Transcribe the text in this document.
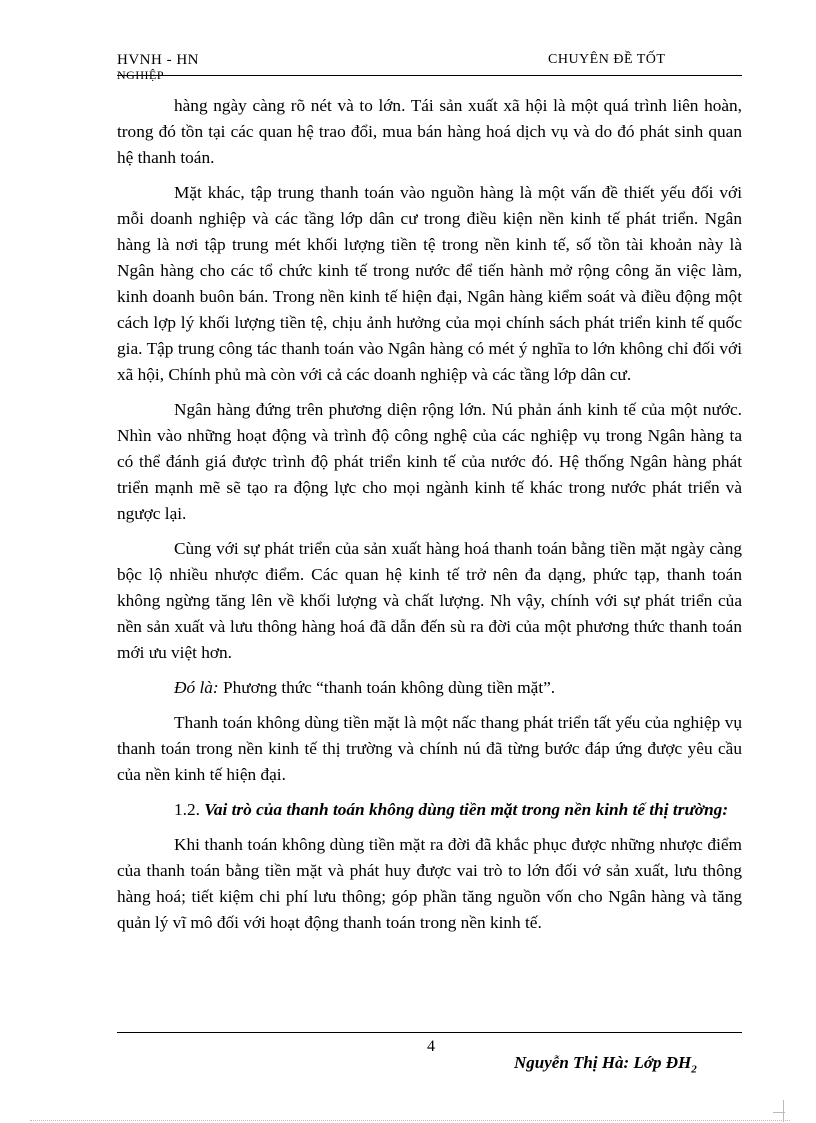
HVNH - HN
NGHIỆP
CHUYÊN ĐỀ TỐT

hàng ngày càng rõ nét và to lớn. Tái sản xuất xã hội là một quá trình liên hoàn, trong đó tồn tại các quan hệ trao đổi, mua bán hàng hoá dịch vụ và do đó phát sinh quan hệ thanh toán.

Mặt khác, tập trung thanh toán vào nguồn hàng là một vấn đề thiết yếu đối với mỗi doanh nghiệp và các tầng lớp dân cư trong điều kiện nền kinh tế phát triển. Ngân hàng là nơi tập trung mét khối lượng tiền tệ trong nền kinh tế, số tồn tài khoản này là Ngân hàng cho các tổ chức kinh tế trong nước để tiến hành mở rộng công ăn việc làm, kinh doanh buôn bán. Trong nền kinh tế hiện đại, Ngân hàng kiểm soát và điều động một cách lợp lý khối lượng tiền tệ, chịu ảnh hưởng của mọi chính sách phát triển kinh tế quốc gia. Tập trung công tác thanh toán vào Ngân hàng có mét ý nghĩa to lớn không chỉ đối với xã hội, Chính phủ mà còn với cả các doanh nghiệp và các tầng lớp dân cư.

Ngân hàng đứng trên phương diện rộng lớn. Nú phản ánh kinh tế của một nước. Nhìn vào những hoạt động và trình độ công nghệ của các nghiệp vụ trong Ngân hàng ta có thể đánh giá được trình độ phát triển kinh tế của nước đó. Hệ thống Ngân hàng phát triển mạnh mẽ sẽ tạo ra động lực cho mọi ngành kinh tế khác trong nước phát triển và ngược lại.

Cùng với sự phát triển của sản xuất hàng hoá thanh toán bằng tiền mặt ngày càng bộc lộ nhiều nhược điểm. Các quan hệ kinh tế trở nên đa dạng, phức tạp, thanh toán không ngừng tăng lên về khối lượng và chất lượng. Nh vậy, chính với sự phát triển của nền sản xuất và lưu thông hàng hoá đã dẫn đến sù ra đời của một phương thức thanh toán mới ưu việt hơn.

Đó là: Phương thức “thanh toán không dùng tiền mặt”.

Thanh toán không dùng tiền mặt là một nấc thang phát triển tất yếu của nghiệp vụ thanh toán trong nền kinh tế thị trường và chính nú đã từng bước đáp ứng được yêu cầu của nền kinh tế hiện đại.

1.2. Vai trò của thanh toán không dùng tiền mặt trong nền kinh tế thị trường:

Khi thanh toán không dùng tiền mặt ra đời đã khắc phục được những nhược điểm của thanh toán bằng tiền mặt và phát huy được vai trò to lớn đối vớ sản xuất, lưu thông hàng hoá; tiết kiệm chi phí lưu thông; góp phần tăng nguồn vốn cho Ngân hàng và tăng quản lý vĩ mô đối với hoạt động thanh toán trong nền kinh tế.

4
Nguyễn Thị Hà: Lớp $ĐH_2$
